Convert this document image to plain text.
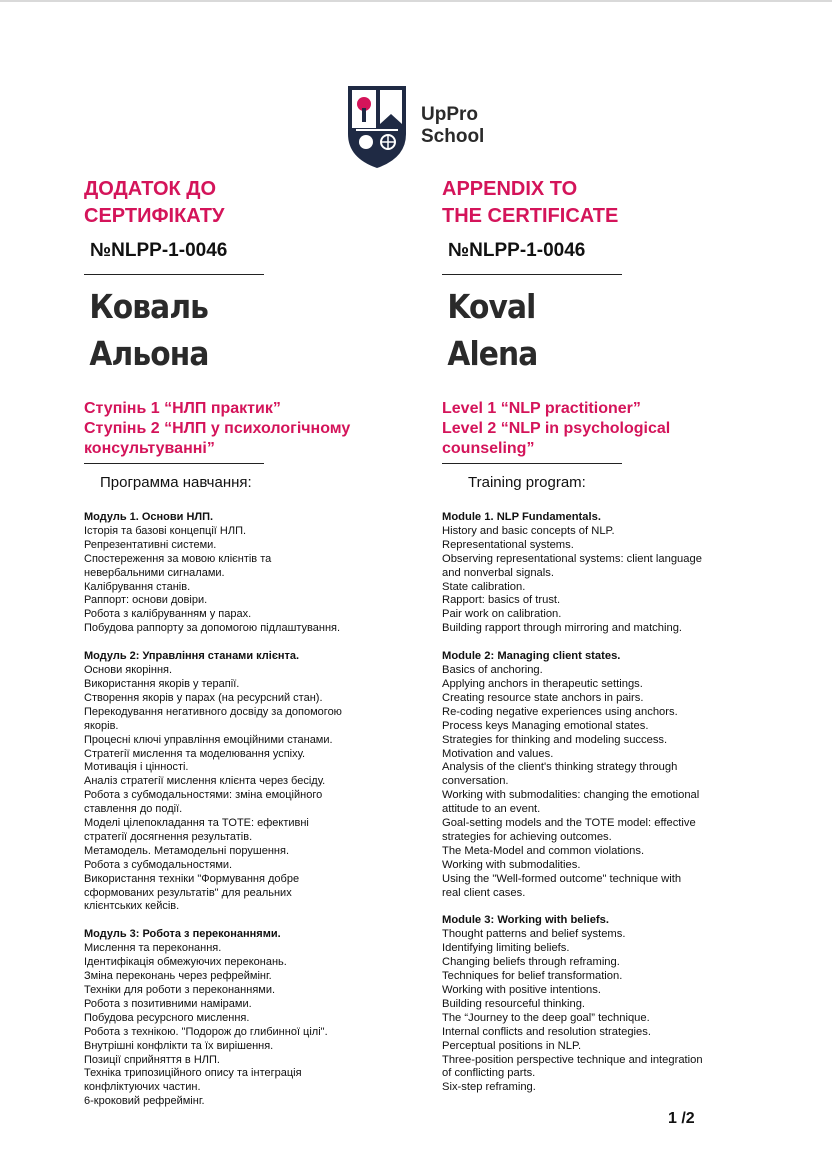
UpPro
School
ДОДАТОК ДО
СЕРТИФІКАТУ
№NLPP-1-0046
Коваль
Альона
Ступінь 1 “НЛП практик”
Ступінь 2 “НЛП у психологічному
консультуванні”
Программа навчання:
Модуль 1. Основи НЛП.
Історія та базові концепції НЛП.
Репрезентативні системи.
Спостереження за мовою клієнтів та
невербальними сигналами.
Калібрування станів.
Раппорт: основи довіри.
Робота з калібруванням у парах.
Побудова раппорту за допомогою підлаштування.
Модуль 2: Управління станами клієнта.
Основи якоріння.
Використання якорів у терапії.
Створення якорів у парах (на ресурсний стан).
Перекодування негативного досвіду за допомогою
якорів.
Процесні ключі управління емоційними станами.
Стратегії мислення та моделювання успіху.
Мотивація і цінності.
Аналіз стратегії мислення клієнта через бесіду.
Робота з субмодальностями: зміна емоційного
ставлення до події.
Моделі цілепокладання та TOTE: ефективні
стратегії досягнення результатів.
Метамодель. Метамодельні порушення.
Робота з субмодальностями.
Використання техніки "Формування добре
сформованих результатів" для реальних
клієнтських кейсів.
Модуль 3: Робота з переконаннями.
Мислення та переконання.
Ідентифікація обмежуючих переконань.
Зміна переконань через рефреймінг.
Техніки для роботи з переконаннями.
Робота з позитивними намірами.
Побудова ресурсного мислення.
Робота з технікою. "Подорож до глибинної цілі".
Внутрішні конфлікти та їх вирішення.
Позиції сприйняття в НЛП.
Техніка трипозиційного опису та інтеграція
конфліктуючих частин.
6-кроковий рефреймінг.
APPENDIX TO
THE CERTIFICATE
№NLPP-1-0046
Koval
Alena
Level 1 “NLP practitioner”
Level 2 “NLP in psychological
counseling”
Training program:
Module 1. NLP Fundamentals.
History and basic concepts of NLP.
Representational systems.
Observing representational systems: client language
and nonverbal signals.
State calibration.
Rapport: basics of trust.
Pair work on calibration.
Building rapport through mirroring and matching.
Module 2: Managing client states.
Basics of anchoring.
Applying anchors in therapeutic settings.
Creating resource state anchors in pairs.
Re-coding negative experiences using anchors.
Process keys Managing emotional states.
Strategies for thinking and modeling success.
Motivation and values.
Analysis of the client's thinking strategy through
conversation.
Working with submodalities: changing the emotional
attitude to an event.
Goal-setting models and the TOTE model: effective
strategies for achieving outcomes.
The Meta-Model and common violations.
Working with submodalities.
Using the "Well-formed outcome" technique with
real client cases.
Module 3: Working with beliefs.
Thought patterns and belief systems.
Identifying limiting beliefs.
Changing beliefs through reframing.
Techniques for belief transformation.
Working with positive intentions.
Building resourceful thinking.
The “Journey to the deep goal” technique.
Internal conflicts and resolution strategies.
Perceptual positions in NLP.
Three-position perspective technique and integration
of conflicting parts.
Six-step reframing.
1 /2
